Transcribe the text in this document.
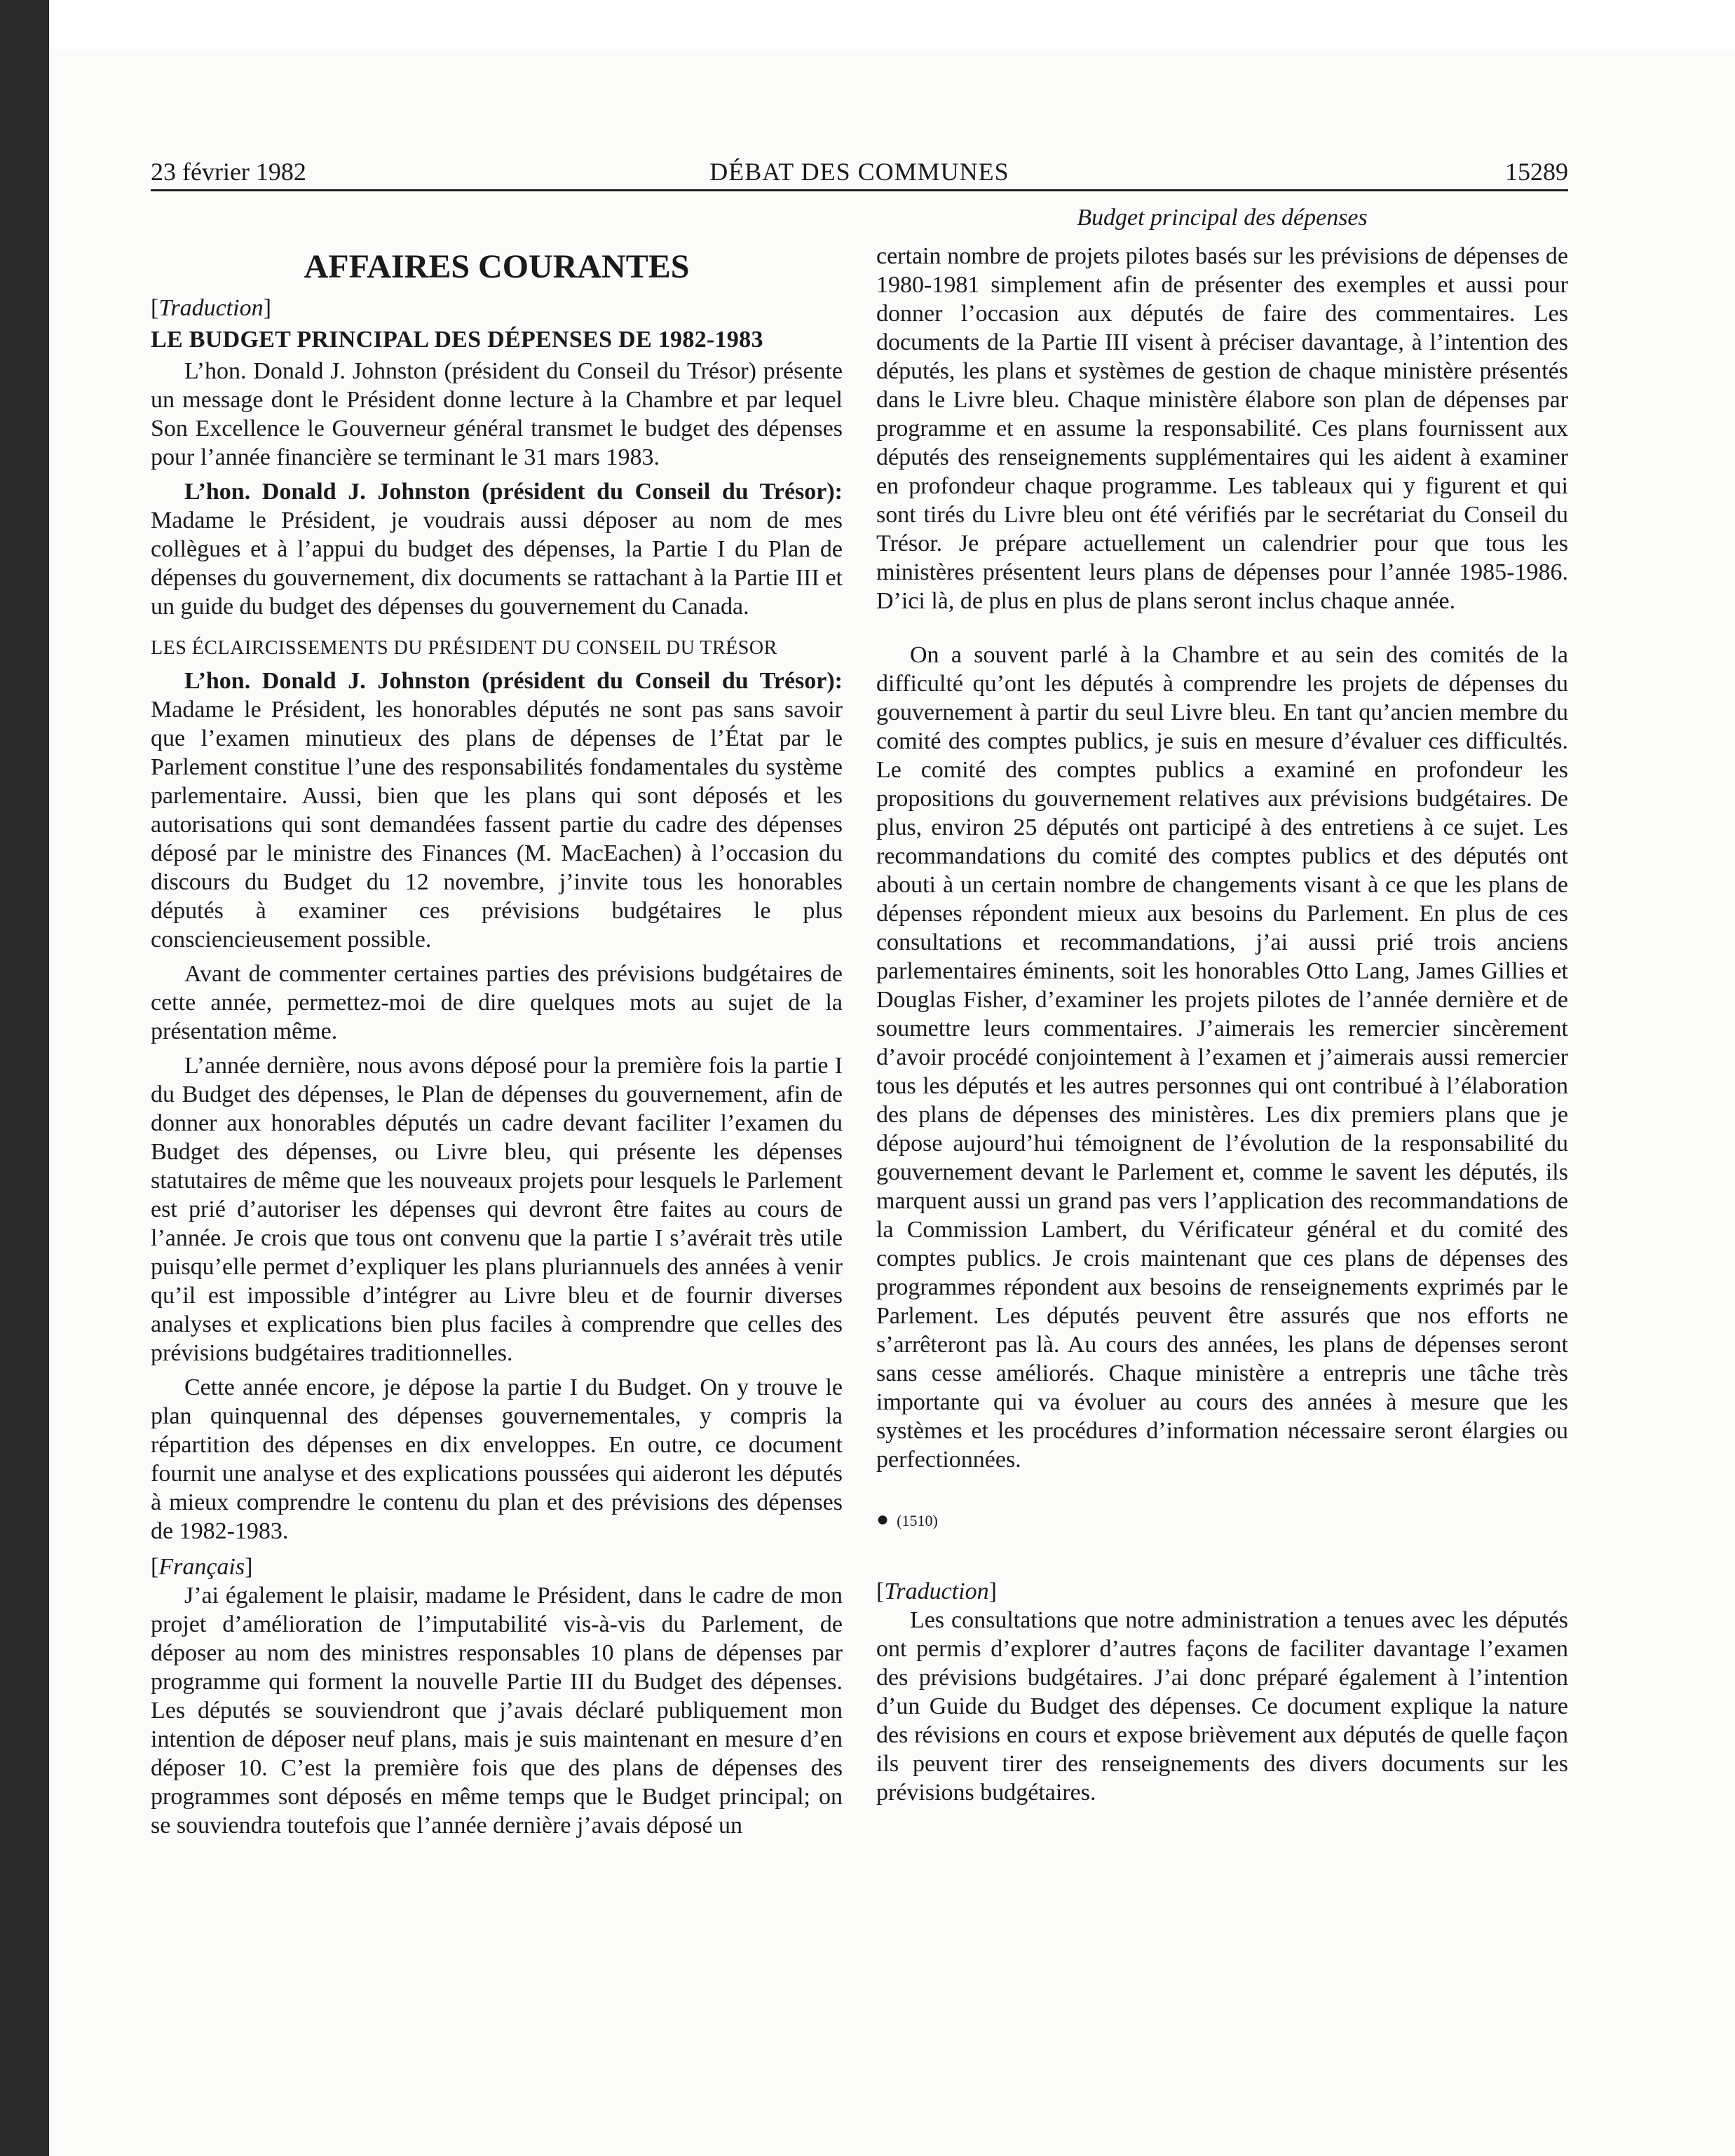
23 février 1982	DÉBAT DES COMMUNES	15289
Budget principal des dépenses
AFFAIRES COURANTES

[Traduction]

LE BUDGET PRINCIPAL DES DÉPENSES DE 1982-1983

L’hon. Donald J. Johnston (président du Conseil du Trésor) présente un message dont le Président donne lecture à la Chambre et par lequel Son Excellence le Gouverneur général transmet le budget des dépenses pour l’année financière se terminant le 31 mars 1983.

L’hon. Donald J. Johnston (président du Conseil du Trésor): Madame le Président, je voudrais aussi déposer au nom de mes collègues et à l’appui du budget des dépenses, la Partie I du Plan de dépenses du gouvernement, dix documents se rattachant à la Partie III et un guide du budget des dépenses du gouvernement du Canada.

LES ÉCLAIRCISSEMENTS DU PRÉSIDENT DU CONSEIL DU TRÉSOR

L’hon. Donald J. Johnston (président du Conseil du Trésor): Madame le Président, les honorables députés ne sont pas sans savoir que l’examen minutieux des plans de dépenses de l’État par le Parlement constitue l’une des responsabilités fondamentales du système parlementaire. Aussi, bien que les plans qui sont déposés et les autorisations qui sont demandées fassent partie du cadre des dépenses déposé par le ministre des Finances (M. MacEachen) à l’occasion du discours du Budget du 12 novembre, j’invite tous les honorables députés à examiner ces prévisions budgétaires le plus consciencieusement possible.

Avant de commenter certaines parties des prévisions budgétaires de cette année, permettez-moi de dire quelques mots au sujet de la présentation même.

L’année dernière, nous avons déposé pour la première fois la partie I du Budget des dépenses, le Plan de dépenses du gouvernement, afin de donner aux honorables députés un cadre devant faciliter l’examen du Budget des dépenses, ou Livre bleu, qui présente les dépenses statutaires de même que les nouveaux projets pour lesquels le Parlement est prié d’autoriser les dépenses qui devront être faites au cours de l’année. Je crois que tous ont convenu que la partie I s’avérait très utile puisqu’elle permet d’expliquer les plans pluriannuels des années à venir qu’il est impossible d’intégrer au Livre bleu et de fournir diverses analyses et explications bien plus faciles à comprendre que celles des prévisions budgétaires traditionnelles.

Cette année encore, je dépose la partie I du Budget. On y trouve le plan quinquennal des dépenses gouvernementales, y compris la répartition des dépenses en dix enveloppes. En outre, ce document fournit une analyse et des explications poussées qui aideront les députés à mieux comprendre le contenu du plan et des prévisions des dépenses de 1982-1983.

[Français]

J’ai également le plaisir, madame le Président, dans le cadre de mon projet d’amélioration de l’imputabilité vis-à-vis du Parlement, de déposer au nom des ministres responsables 10 plans de dépenses par programme qui forment la nouvelle Partie III du Budget des dépenses. Les députés se souviendront que j’avais déclaré publiquement mon intention de déposer neuf plans, mais je suis maintenant en mesure d’en déposer 10. C’est la première fois que des plans de dépenses des programmes sont déposés en même temps que le Budget principal; on se souviendra toutefois que l’année dernière j’avais déposé un

certain nombre de projets pilotes basés sur les prévisions de dépenses de 1980-1981 simplement afin de présenter des exemples et aussi pour donner l’occasion aux députés de faire des commentaires. Les documents de la Partie III visent à préciser davantage, à l’intention des députés, les plans et systèmes de gestion de chaque ministère présentés dans le Livre bleu. Chaque ministère élabore son plan de dépenses par programme et en assume la responsabilité. Ces plans fournissent aux députés des renseignements supplémentaires qui les aident à examiner en profondeur chaque programme. Les tableaux qui y figurent et qui sont tirés du Livre bleu ont été vérifiés par le secrétariat du Conseil du Trésor. Je prépare actuellement un calendrier pour que tous les ministères présentent leurs plans de dépenses pour l’année 1985-1986. D’ici là, de plus en plus de plans seront inclus chaque année.

On a souvent parlé à la Chambre et au sein des comités de la difficulté qu’ont les députés à comprendre les projets de dépenses du gouvernement à partir du seul Livre bleu. En tant qu’ancien membre du comité des comptes publics, je suis en mesure d’évaluer ces difficultés. Le comité des comptes publics a examiné en profondeur les propositions du gouvernement relatives aux prévisions budgétaires. De plus, environ 25 députés ont participé à des entretiens à ce sujet. Les recommandations du comité des comptes publics et des députés ont abouti à un certain nombre de changements visant à ce que les plans de dépenses répondent mieux aux besoins du Parlement. En plus de ces consultations et recommandations, j’ai aussi prié trois anciens parlementaires éminents, soit les honorables Otto Lang, James Gillies et Douglas Fisher, d’examiner les projets pilotes de l’année dernière et de soumettre leurs commentaires. J’aimerais les remercier sincèrement d’avoir procédé conjointement à l’examen et j’aimerais aussi remercier tous les députés et les autres personnes qui ont contribué à l’élaboration des plans de dépenses des ministères. Les dix premiers plans que je dépose aujourd’hui témoignent de l’évolution de la responsabilité du gouvernement devant le Parlement et, comme le savent les députés, ils marquent aussi un grand pas vers l’application des recommandations de la Commission Lambert, du Vérificateur général et du comité des comptes publics. Je crois maintenant que ces plans de dépenses des programmes répondent aux besoins de renseignements exprimés par le Parlement. Les députés peuvent être assurés que nos efforts ne s’arrêteront pas là. Au cours des années, les plans de dépenses seront sans cesse améliorés. Chaque ministère a entrepris une tâche très importante qui va évoluer au cours des années à mesure que les systèmes et les procédures d’information nécessaire seront élargies ou perfectionnées.

● (1510)

[Traduction]

Les consultations que notre administration a tenues avec les députés ont permis d’explorer d’autres façons de faciliter davantage l’examen des prévisions budgétaires. J’ai donc préparé également à l’intention d’un Guide du Budget des dépenses. Ce document explique la nature des révisions en cours et expose brièvement aux députés de quelle façon ils peuvent tirer des renseignements des divers documents sur les prévisions budgétaires.
